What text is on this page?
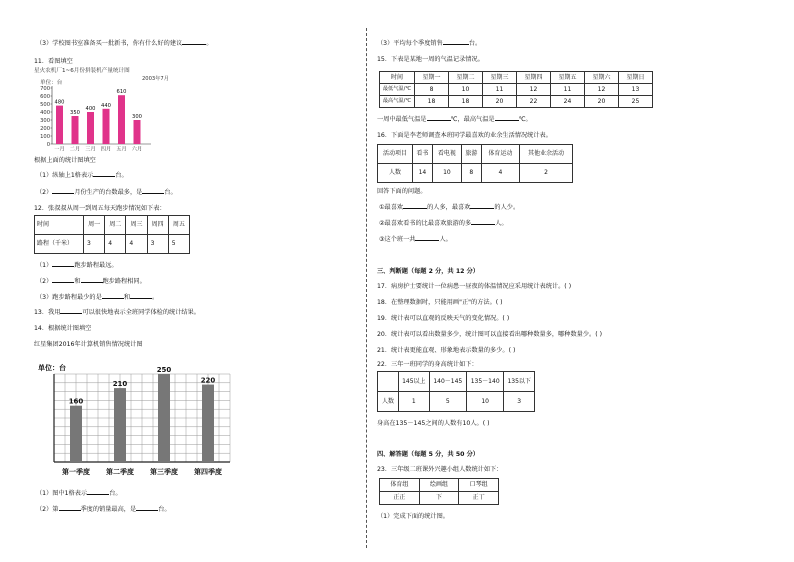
（3）学校图书室准备买一批新书，你有什么好的建议	。
11．看图填空
星火农机厂1~6月份拼装机产量统计图
2003年7月
单位：台
0
100
200
300
400
500
600
700
480
一月
350
二月
400
三月
440
四月
610
五月
300
六月
根据上面的统计图填空
（1）纵轴上1格表示	台。
（2）	月份生产的台数最多，是	台。
12．张叔叔从周一到周五每天跑步情况如下表：
时间	周一	周二	周三	周四	周五
路程（千米）	3	4	4	3	5
（1）	跑步路程最远。
（2）	和	跑步路程相同。
（3）跑步路程最少的是	和	。
13．我用	可以很快地表示全班同学体检的统计结果。
14．根据统计图填空
红星集团2016年计算机销售情况统计图
单位：台
160
第一季度
210
第二季度
250
第三季度
220
第四季度
（1）图中1格表示	台。
（2）第	季度的销量最高，是	台。
（3）平均每个季度销售	台。
15．下表是某地一周的气温记录情况。
时间	星期一	星期二	星期三	星期四	星期五	星期六	星期日
最低气温/℃	8	10	11	12	11	12	13
最高气温/℃	18	18	20	22	24	20	25
一周中最低气温是	℃，最高气温是	℃。
16．下面是李老师调查本班同学最喜欢的业余生活情况统计表。
活动项目	看书	看电视	旅游	体育运动	其他业余活动
人数	14	10	8	4	2
回答下面的问题。
①最喜欢	的人多，最喜欢	的人少。
②最喜欢看书的比最喜欢旅游的多	人。
③这个班一共	人。
三、判断题（每题 2 分，共 12 分）
17．病房护士要统计一位病患一昼夜的体温情况应采用统计表统计。( )
18．在整理数据时，只能用画"正"的方法。( )
19．统计表可以直观的反映天气的变化情况。( )
20．统计表可以看出数量多少，统计图可以直接看出哪种数量多，哪种数量少。( )
21．统计表更能直观、形象地表示数量的多少。( )
22．三年一班同学的身高统计如下：
	145以上	140－145	135－140	135以下
人数	1	5	10	3
身高在135－145之间的人数有10人。( )
四、解答题（每题 5 分，共 50 分）
23．三年级二班课外兴趣小组人数统计如下：
体育组	绘画组	口琴组
正正	下	正丅
（1）完成下面的统计图。
